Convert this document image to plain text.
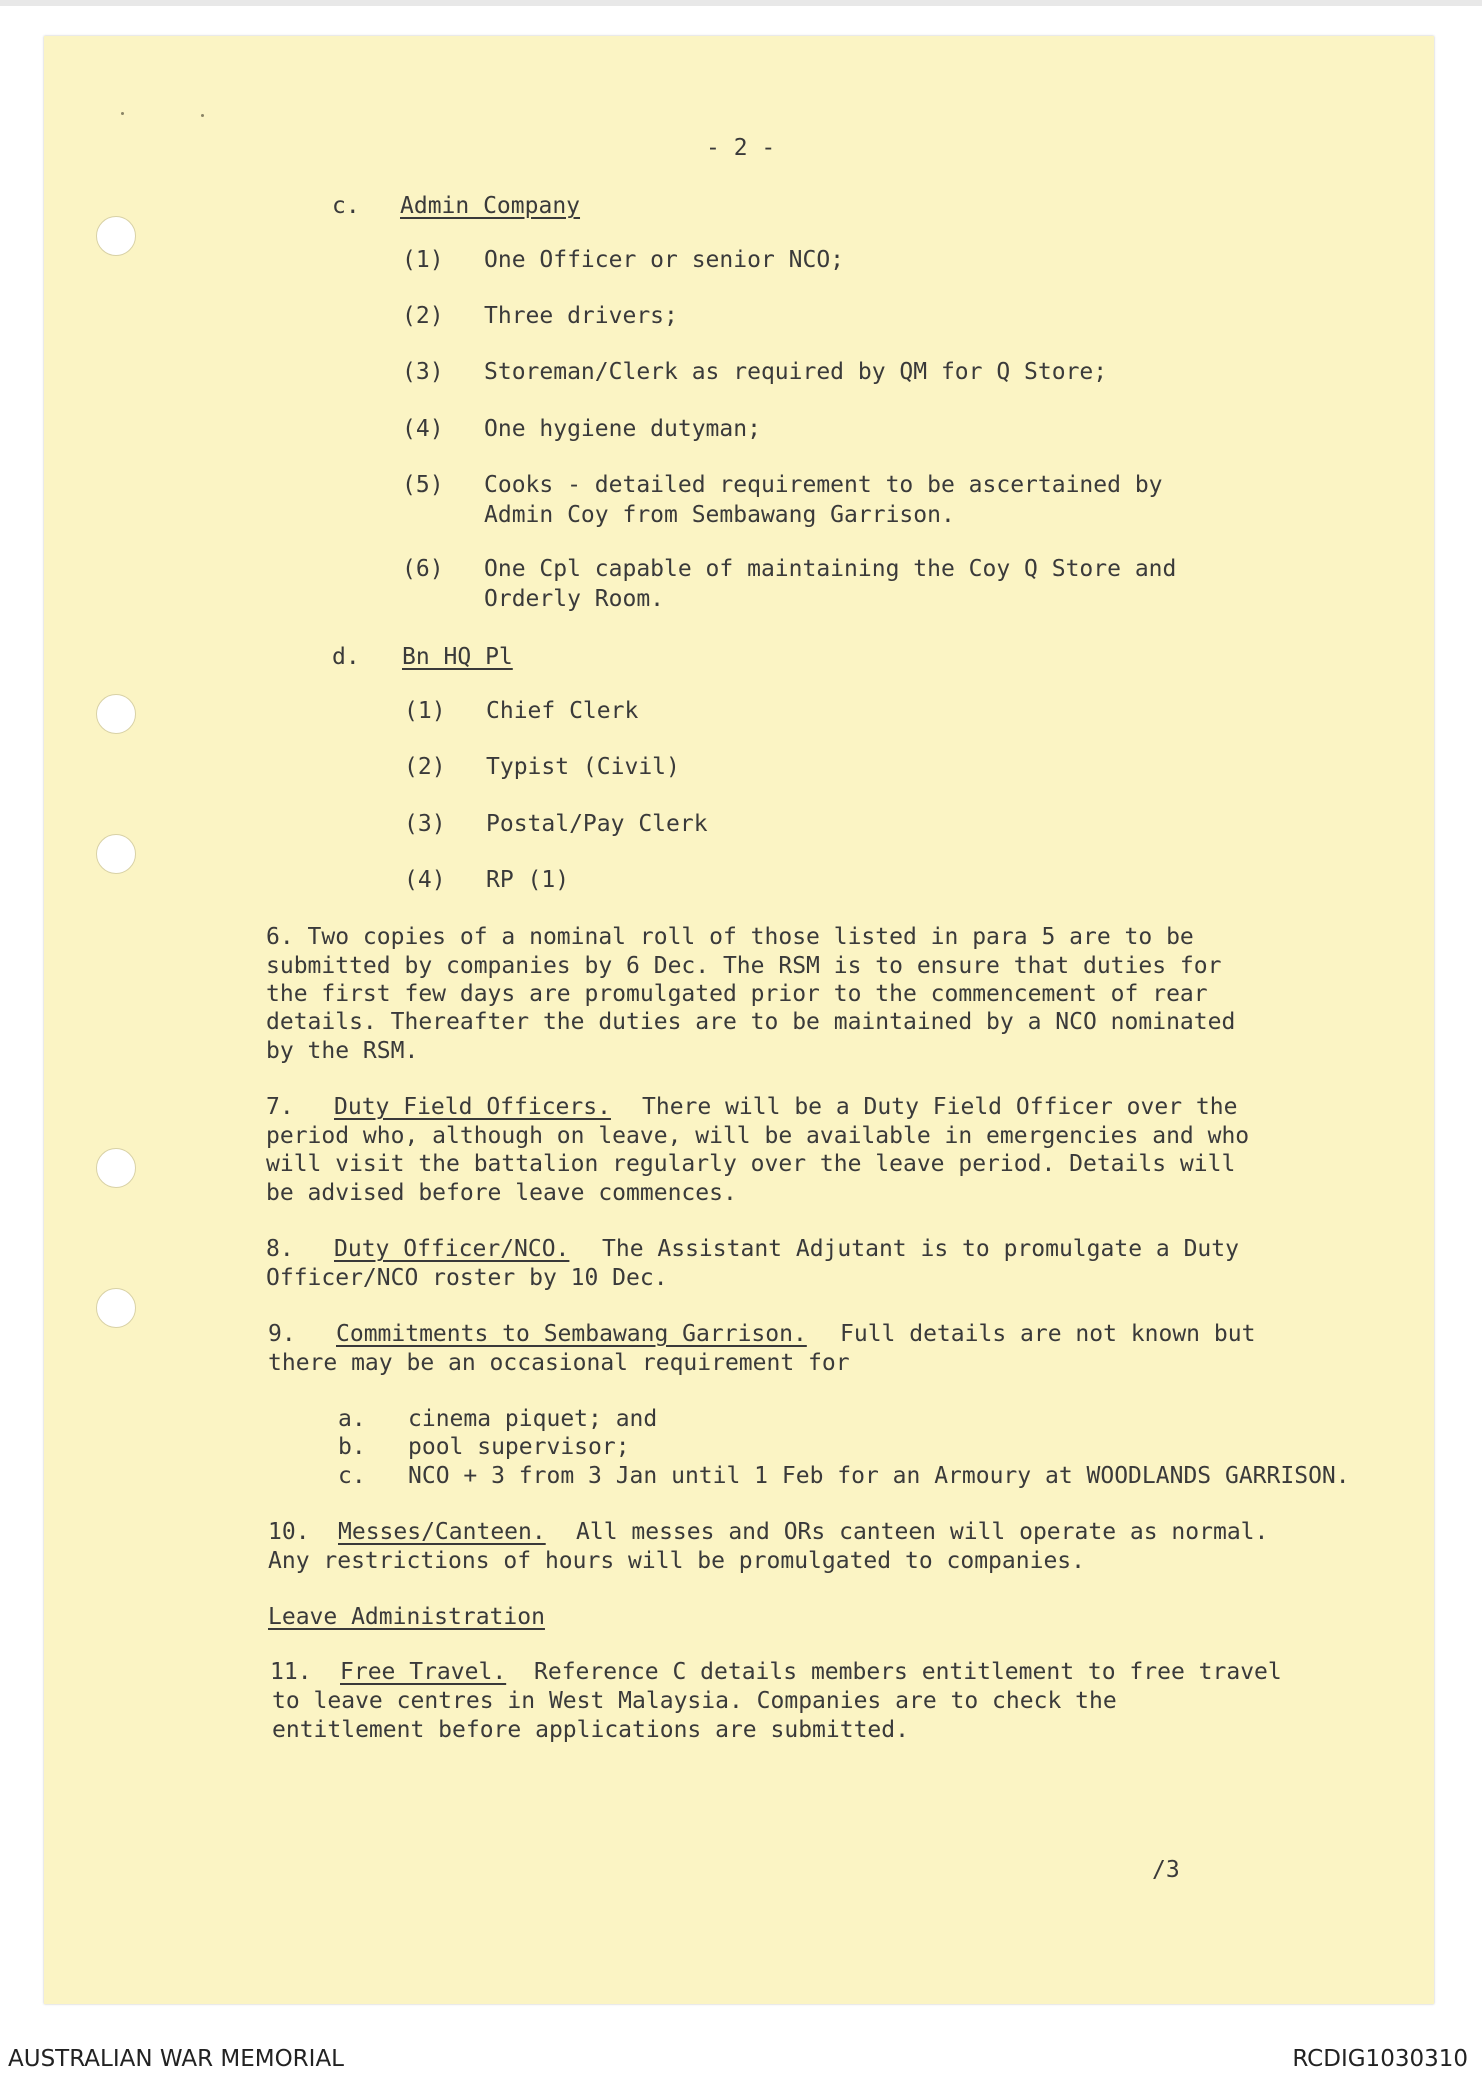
- 2 -
c. Admin Company
(1) One Officer or senior NCO;
(2) Three drivers;
(3) Storeman/Clerk as required by QM for Q Store;
(4) One hygiene dutyman;
(5) Cooks - detailed requirement to be ascertained by
Admin Coy from Sembawang Garrison.
(6) One Cpl capable of maintaining the Coy Q Store and
Orderly Room.
d. Bn HQ Pl
(1) Chief Clerk
(2) Typist (Civil)
(3) Postal/Pay Clerk
(4) RP (1)
6. Two copies of a nominal roll of those listed in para 5 are to be
submitted by companies by 6 Dec. The RSM is to ensure that duties for
the first few days are promulgated prior to the commencement of rear
details. Thereafter the duties are to be maintained by a NCO nominated
by the RSM.
7. Duty Field Officers. There will be a Duty Field Officer over the
period who, although on leave, will be available in emergencies and who
will visit the battalion regularly over the leave period. Details will
be advised before leave commences.
8. Duty Officer/NCO. The Assistant Adjutant is to promulgate a Duty
Officer/NCO roster by 10 Dec.
9. Commitments to Sembawang Garrison. Full details are not known but
there may be an occasional requirement for
a. cinema piquet; and
b. pool supervisor;
c. NCO + 3 from 3 Jan until 1 Feb for an Armoury at WOODLANDS GARRISON.
10. Messes/Canteen. All messes and ORs canteen will operate as normal.
Any restrictions of hours will be promulgated to companies.
Leave Administration
11. Free Travel. Reference C details members entitlement to free travel
to leave centres in West Malaysia. Companies are to check the
entitlement before applications are submitted.
/3
AUSTRALIAN WAR MEMORIAL	RCDIG1030310
